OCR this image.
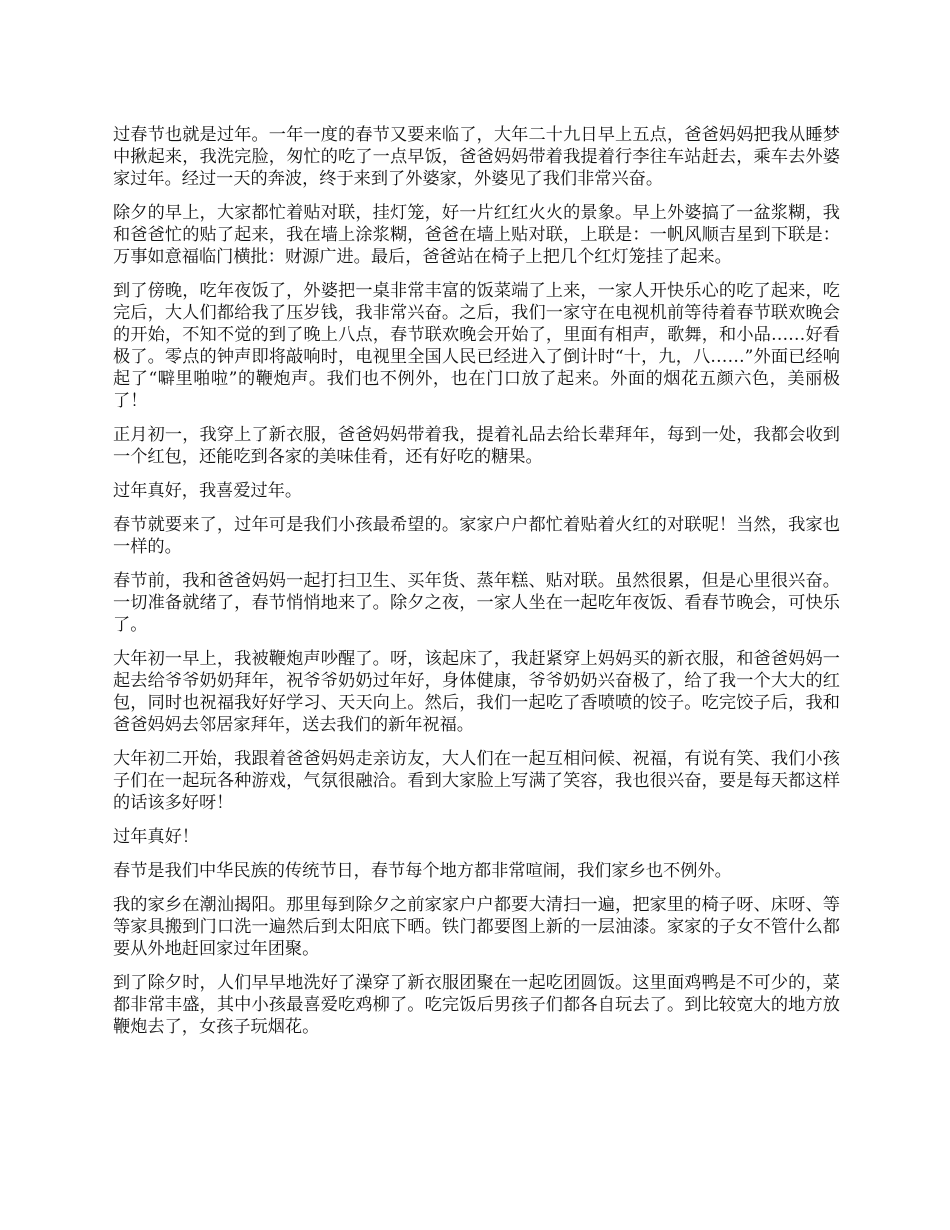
过春节也就是过年。一年一度的春节又要来临了，大年二十九日早上五点，爸爸妈妈把我从睡梦中揪起来，我洗完脸，匆忙的吃了一点早饭，爸爸妈妈带着我提着行李往车站赶去，乘车去外婆家过年。经过一天的奔波，终于来到了外婆家，外婆见了我们非常兴奋。

除夕的早上，大家都忙着贴对联，挂灯笼，好一片红红火火的景象。早上外婆搞了一盆浆糊，我和爸爸忙的贴了起来，我在墙上涂浆糊，爸爸在墙上贴对联，上联是：一帆风顺吉星到下联是：万事如意福临门横批：财源广进。最后，爸爸站在椅子上把几个红灯笼挂了起来。

到了傍晚，吃年夜饭了，外婆把一桌非常丰富的饭菜端了上来，一家人开快乐心的吃了起来，吃完后，大人们都给我了压岁钱，我非常兴奋。之后，我们一家守在电视机前等待着春节联欢晚会的开始，不知不觉的到了晚上八点，春节联欢晚会开始了，里面有相声，歌舞，和小品……好看极了。零点的钟声即将敲响时，电视里全国人民已经进入了倒计时“十，九，八……”外面已经响起了“噼里啪啦”的鞭炮声。我们也不例外，也在门口放了起来。外面的烟花五颜六色，美丽极了！

正月初一，我穿上了新衣服，爸爸妈妈带着我，提着礼品去给长辈拜年，每到一处，我都会收到一个红包，还能吃到各家的美味佳肴，还有好吃的糖果。

过年真好，我喜爱过年。

春节就要来了，过年可是我们小孩最希望的。家家户户都忙着贴着火红的对联呢！当然，我家也一样的。

春节前，我和爸爸妈妈一起打扫卫生、买年货、蒸年糕、贴对联。虽然很累，但是心里很兴奋。一切准备就绪了，春节悄悄地来了。除夕之夜，一家人坐在一起吃年夜饭、看春节晚会，可快乐了。

大年初一早上，我被鞭炮声吵醒了。呀，该起床了，我赶紧穿上妈妈买的新衣服，和爸爸妈妈一起去给爷爷奶奶拜年，祝爷爷奶奶过年好，身体健康，爷爷奶奶兴奋极了，给了我一个大大的红包，同时也祝福我好好学习、天天向上。然后，我们一起吃了香喷喷的饺子。吃完饺子后，我和爸爸妈妈去邻居家拜年，送去我们的新年祝福。

大年初二开始，我跟着爸爸妈妈走亲访友，大人们在一起互相问候、祝福，有说有笑、我们小孩子们在一起玩各种游戏，气氛很融洽。看到大家脸上写满了笑容，我也很兴奋，要是每天都这样的话该多好呀！

过年真好！

春节是我们中华民族的传统节日，春节每个地方都非常喧闹，我们家乡也不例外。

我的家乡在潮汕揭阳。那里每到除夕之前家家户户都要大清扫一遍，把家里的椅子呀、床呀、等等家具搬到门口洗一遍然后到太阳底下晒。铁门都要图上新的一层油漆。家家的子女不管什么都要从外地赶回家过年团聚。

到了除夕时，人们早早地洗好了澡穿了新衣服团聚在一起吃团圆饭。这里面鸡鸭是不可少的，菜都非常丰盛，其中小孩最喜爱吃鸡柳了。吃完饭后男孩子们都各自玩去了。到比较宽大的地方放鞭炮去了，女孩子玩烟花。
